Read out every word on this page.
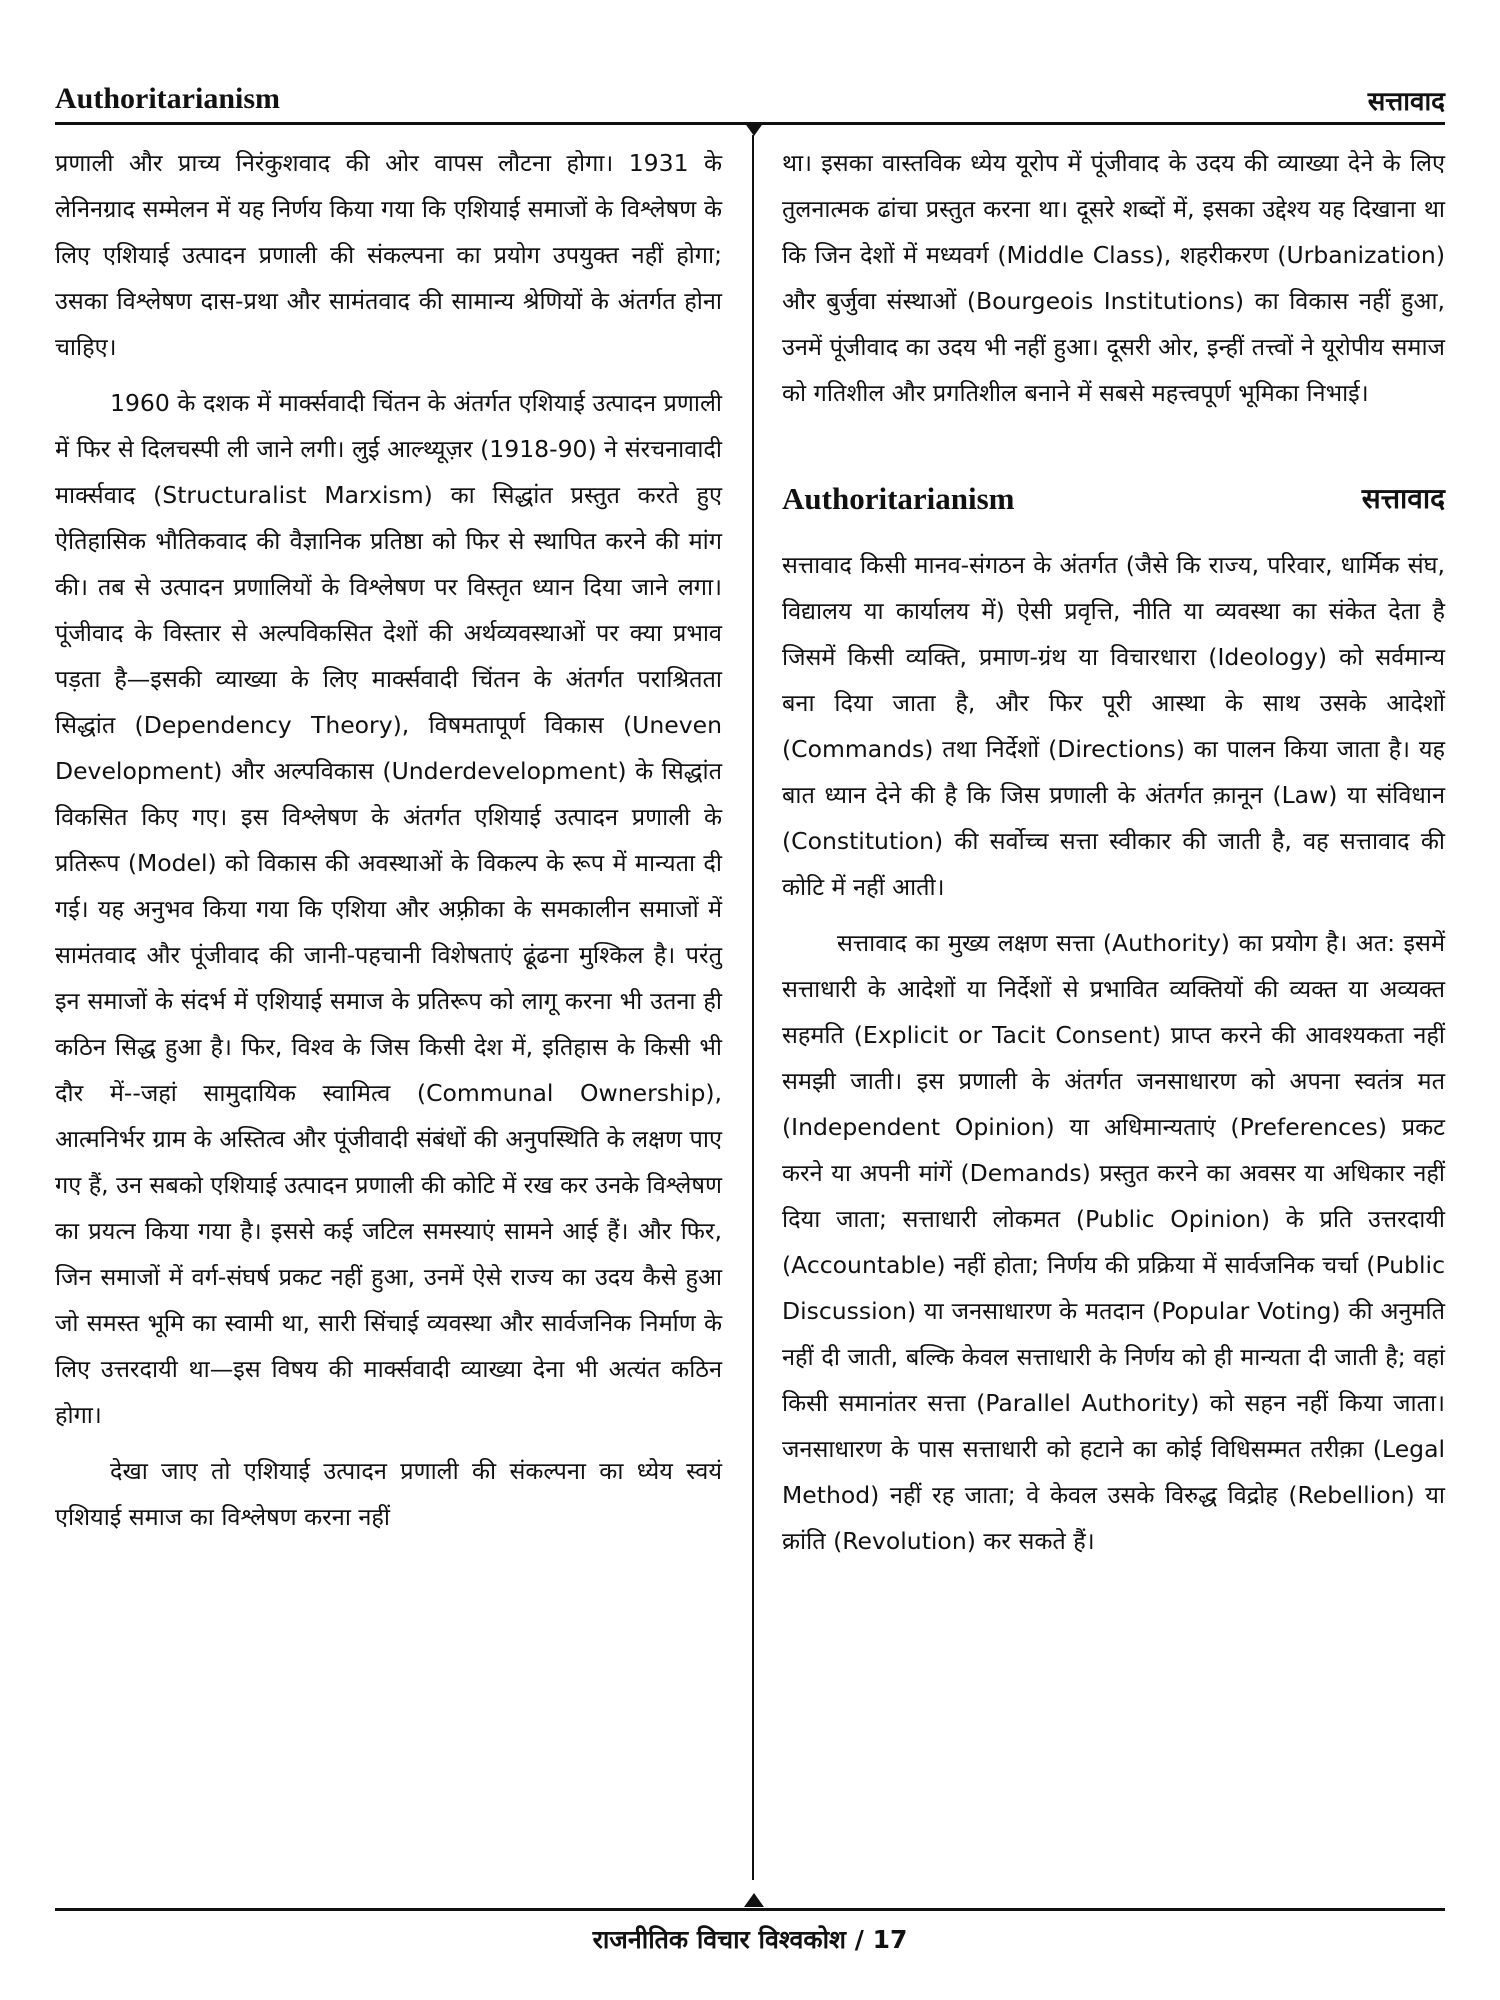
Authoritarianism	सत्तावाद

प्रणाली और प्राच्य निरंकुशवाद की ओर वापस लौटना होगा। 1931 के लेनिनग्राद सम्मेलन में यह निर्णय किया गया कि एशियाई समाजों के विश्लेषण के लिए एशियाई उत्पादन प्रणाली की संकल्पना का प्रयोग उपयुक्त नहीं होगा; उसका विश्लेषण दास-प्रथा और सामंतवाद की सामान्य श्रेणियों के अंतर्गत होना चाहिए।

1960 के दशक में मार्क्सवादी चिंतन के अंतर्गत एशियाई उत्पादन प्रणाली में फिर से दिलचस्पी ली जाने लगी। लुई आल्थ्यूज़र (1918-90) ने संरचनावादी मार्क्सवाद (Structuralist Marxism) का सिद्धांत प्रस्तुत करते हुए ऐतिहासिक भौतिकवाद की वैज्ञानिक प्रतिष्ठा को फिर से स्थापित करने की मांग की। तब से उत्पादन प्रणालियों के विश्लेषण पर विस्तृत ध्यान दिया जाने लगा। पूंजीवाद के विस्तार से अल्पविकसित देशों की अर्थव्यवस्थाओं पर क्या प्रभाव पड़ता है—इसकी व्याख्या के लिए मार्क्सवादी चिंतन के अंतर्गत पराश्रितता सिद्धांत (Dependency Theory), विषमतापूर्ण विकास (Uneven Development) और अल्पविकास (Underdevelopment) के सिद्धांत विकसित किए गए। इस विश्लेषण के अंतर्गत एशियाई उत्पादन प्रणाली के प्रतिरूप (Model) को विकास की अवस्थाओं के विकल्प के रूप में मान्यता दी गई। यह अनुभव किया गया कि एशिया और अफ़्रीका के समकालीन समाजों में सामंतवाद और पूंजीवाद की जानी-पहचानी विशेषताएं ढूंढना मुश्किल है। परंतु इन समाजों के संदर्भ में एशियाई समाज के प्रतिरूप को लागू करना भी उतना ही कठिन सिद्ध हुआ है। फिर, विश्व के जिस किसी देश में, इतिहास के किसी भी दौर में--जहां सामुदायिक स्वामित्व (Communal Ownership), आत्मनिर्भर ग्राम के अस्तित्व और पूंजीवादी संबंधों की अनुपस्थिति के लक्षण पाए गए हैं, उन सबको एशियाई उत्पादन प्रणाली की कोटि में रख कर उनके विश्लेषण का प्रयत्न किया गया है। इससे कई जटिल समस्याएं सामने आई हैं। और फिर, जिन समाजों में वर्ग-संघर्ष प्रकट नहीं हुआ, उनमें ऐसे राज्य का उदय कैसे हुआ जो समस्त भूमि का स्वामी था, सारी सिंचाई व्यवस्था और सार्वजनिक निर्माण के लिए उत्तरदायी था—इस विषय की मार्क्सवादी व्याख्या देना भी अत्यंत कठिन होगा।

देखा जाए तो एशियाई उत्पादन प्रणाली की संकल्पना का ध्येय स्वयं एशियाई समाज का विश्लेषण करना नहीं

था। इसका वास्तविक ध्येय यूरोप में पूंजीवाद के उदय की व्याख्या देने के लिए तुलनात्मक ढांचा प्रस्तुत करना था। दूसरे शब्दों में, इसका उद्देश्य यह दिखाना था कि जिन देशों में मध्यवर्ग (Middle Class), शहरीकरण (Urbanization) और बुर्जुवा संस्थाओं (Bourgeois Institutions) का विकास नहीं हुआ, उनमें पूंजीवाद का उदय भी नहीं हुआ। दूसरी ओर, इन्हीं तत्त्वों ने यूरोपीय समाज को गतिशील और प्रगतिशील बनाने में सबसे महत्त्वपूर्ण भूमिका निभाई।

Authoritarianism	सत्तावाद

सत्तावाद किसी मानव-संगठन के अंतर्गत (जैसे कि राज्य, परिवार, धार्मिक संघ, विद्यालय या कार्यालय में) ऐसी प्रवृत्ति, नीति या व्यवस्था का संकेत देता है जिसमें किसी व्यक्ति, प्रमाण-ग्रंथ या विचारधारा (Ideology) को सर्वमान्य बना दिया जाता है, और फिर पूरी आस्था के साथ उसके आदेशों (Commands) तथा निर्देशों (Directions) का पालन किया जाता है। यह बात ध्यान देने की है कि जिस प्रणाली के अंतर्गत क़ानून (Law) या संविधान (Constitution) की सर्वोच्च सत्ता स्वीकार की जाती है, वह सत्तावाद की कोटि में नहीं आती।

सत्तावाद का मुख्य लक्षण सत्ता (Authority) का प्रयोग है। अत: इसमें सत्ताधारी के आदेशों या निर्देशों से प्रभावित व्यक्तियों की व्यक्त या अव्यक्त सहमति (Explicit or Tacit Consent) प्राप्त करने की आवश्यकता नहीं समझी जाती। इस प्रणाली के अंतर्गत जनसाधारण को अपना स्वतंत्र मत (Independent Opinion) या अधिमान्यताएं (Preferences) प्रकट करने या अपनी मांगें (Demands) प्रस्तुत करने का अवसर या अधिकार नहीं दिया जाता; सत्ताधारी लोकमत (Public Opinion) के प्रति उत्तरदायी (Accountable) नहीं होता; निर्णय की प्रक्रिया में सार्वजनिक चर्चा (Public Discussion) या जनसाधारण के मतदान (Popular Voting) की अनुमति नहीं दी जाती, बल्कि केवल सत्ताधारी के निर्णय को ही मान्यता दी जाती है; वहां किसी समानांतर सत्ता (Parallel Authority) को सहन नहीं किया जाता। जनसाधारण के पास सत्ताधारी को हटाने का कोई विधिसम्मत तरीक़ा (Legal Method) नहीं रह जाता; वे केवल उसके विरुद्ध विद्रोह (Rebellion) या क्रांति (Revolution) कर सकते हैं।

राजनीतिक विचार विश्वकोश / 17
